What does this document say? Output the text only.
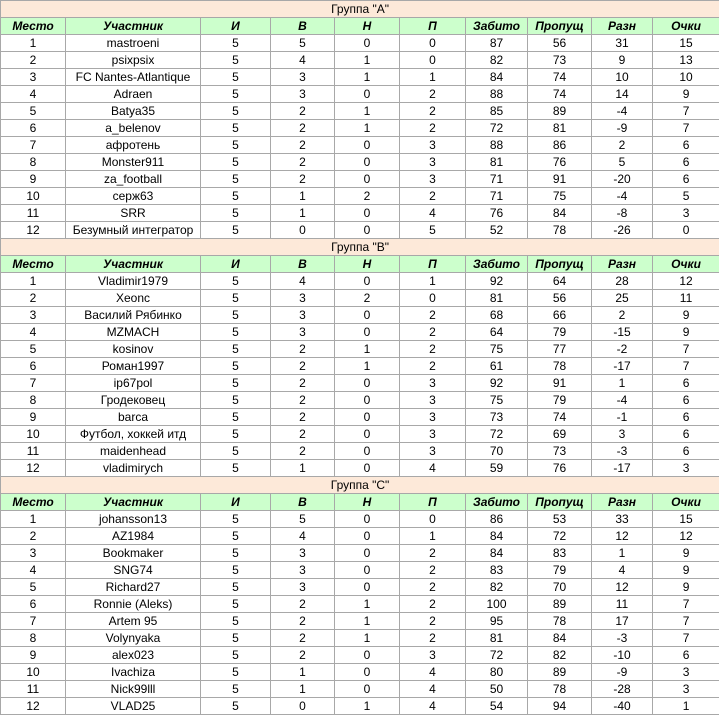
Группа "A"									
Место	Участник	И	В	Н	П	Забито	Пропущ	Разн	Очки
1	mastroeni	5	5	0	0	87	56	31	15
2	psixpsix	5	4	1	0	82	73	9	13
3	FC Nantes-Atlantique	5	3	1	1	84	74	10	10
4	Adraen	5	3	0	2	88	74	14	9
5	Batya35	5	2	1	2	85	89	-4	7
6	a_belenov	5	2	1	2	72	81	-9	7
7	афротень	5	2	0	3	88	86	2	6
8	Monster911	5	2	0	3	81	76	5	6
9	za_football	5	2	0	3	71	91	-20	6
10	серж63	5	1	2	2	71	75	-4	5
11	SRR	5	1	0	4	76	84	-8	3
12	Безумный интегратор	5	0	0	5	52	78	-26	0
Группа "B"									
Место	Участник	И	В	Н	П	Забито	Пропущ	Разн	Очки
1	Vladimir1979	5	4	0	1	92	64	28	12
2	Xeonc	5	3	2	0	81	56	25	11
3	Василий Рябинко	5	3	0	2	68	66	2	9
4	MZMACH	5	3	0	2	64	79	-15	9
5	kosinov	5	2	1	2	75	77	-2	7
6	Роман1997	5	2	1	2	61	78	-17	7
7	ip67pol	5	2	0	3	92	91	1	6
8	Гродековец	5	2	0	3	75	79	-4	6
9	barca	5	2	0	3	73	74	-1	6
10	Футбол, хоккей итд	5	2	0	3	72	69	3	6
11	maidenhead	5	2	0	3	70	73	-3	6
12	vladimirych	5	1	0	4	59	76	-17	3
Группа "C"									
Место	Участник	И	В	Н	П	Забито	Пропущ	Разн	Очки
1	johansson13	5	5	0	0	86	53	33	15
2	AZ1984	5	4	0	1	84	72	12	12
3	Bookmaker	5	3	0	2	84	83	1	9
4	SNG74	5	3	0	2	83	79	4	9
5	Richard27	5	3	0	2	82	70	12	9
6	Ronnie (Aleks)	5	2	1	2	100	89	11	7
7	Artem 95	5	2	1	2	95	78	17	7
8	Volynyaka	5	2	1	2	81	84	-3	7
9	alex023	5	2	0	3	72	82	-10	6
10	Ivachiza	5	1	0	4	80	89	-9	3
11	Nick99lll	5	1	0	4	50	78	-28	3
12	VLAD25	5	0	1	4	54	94	-40	1
